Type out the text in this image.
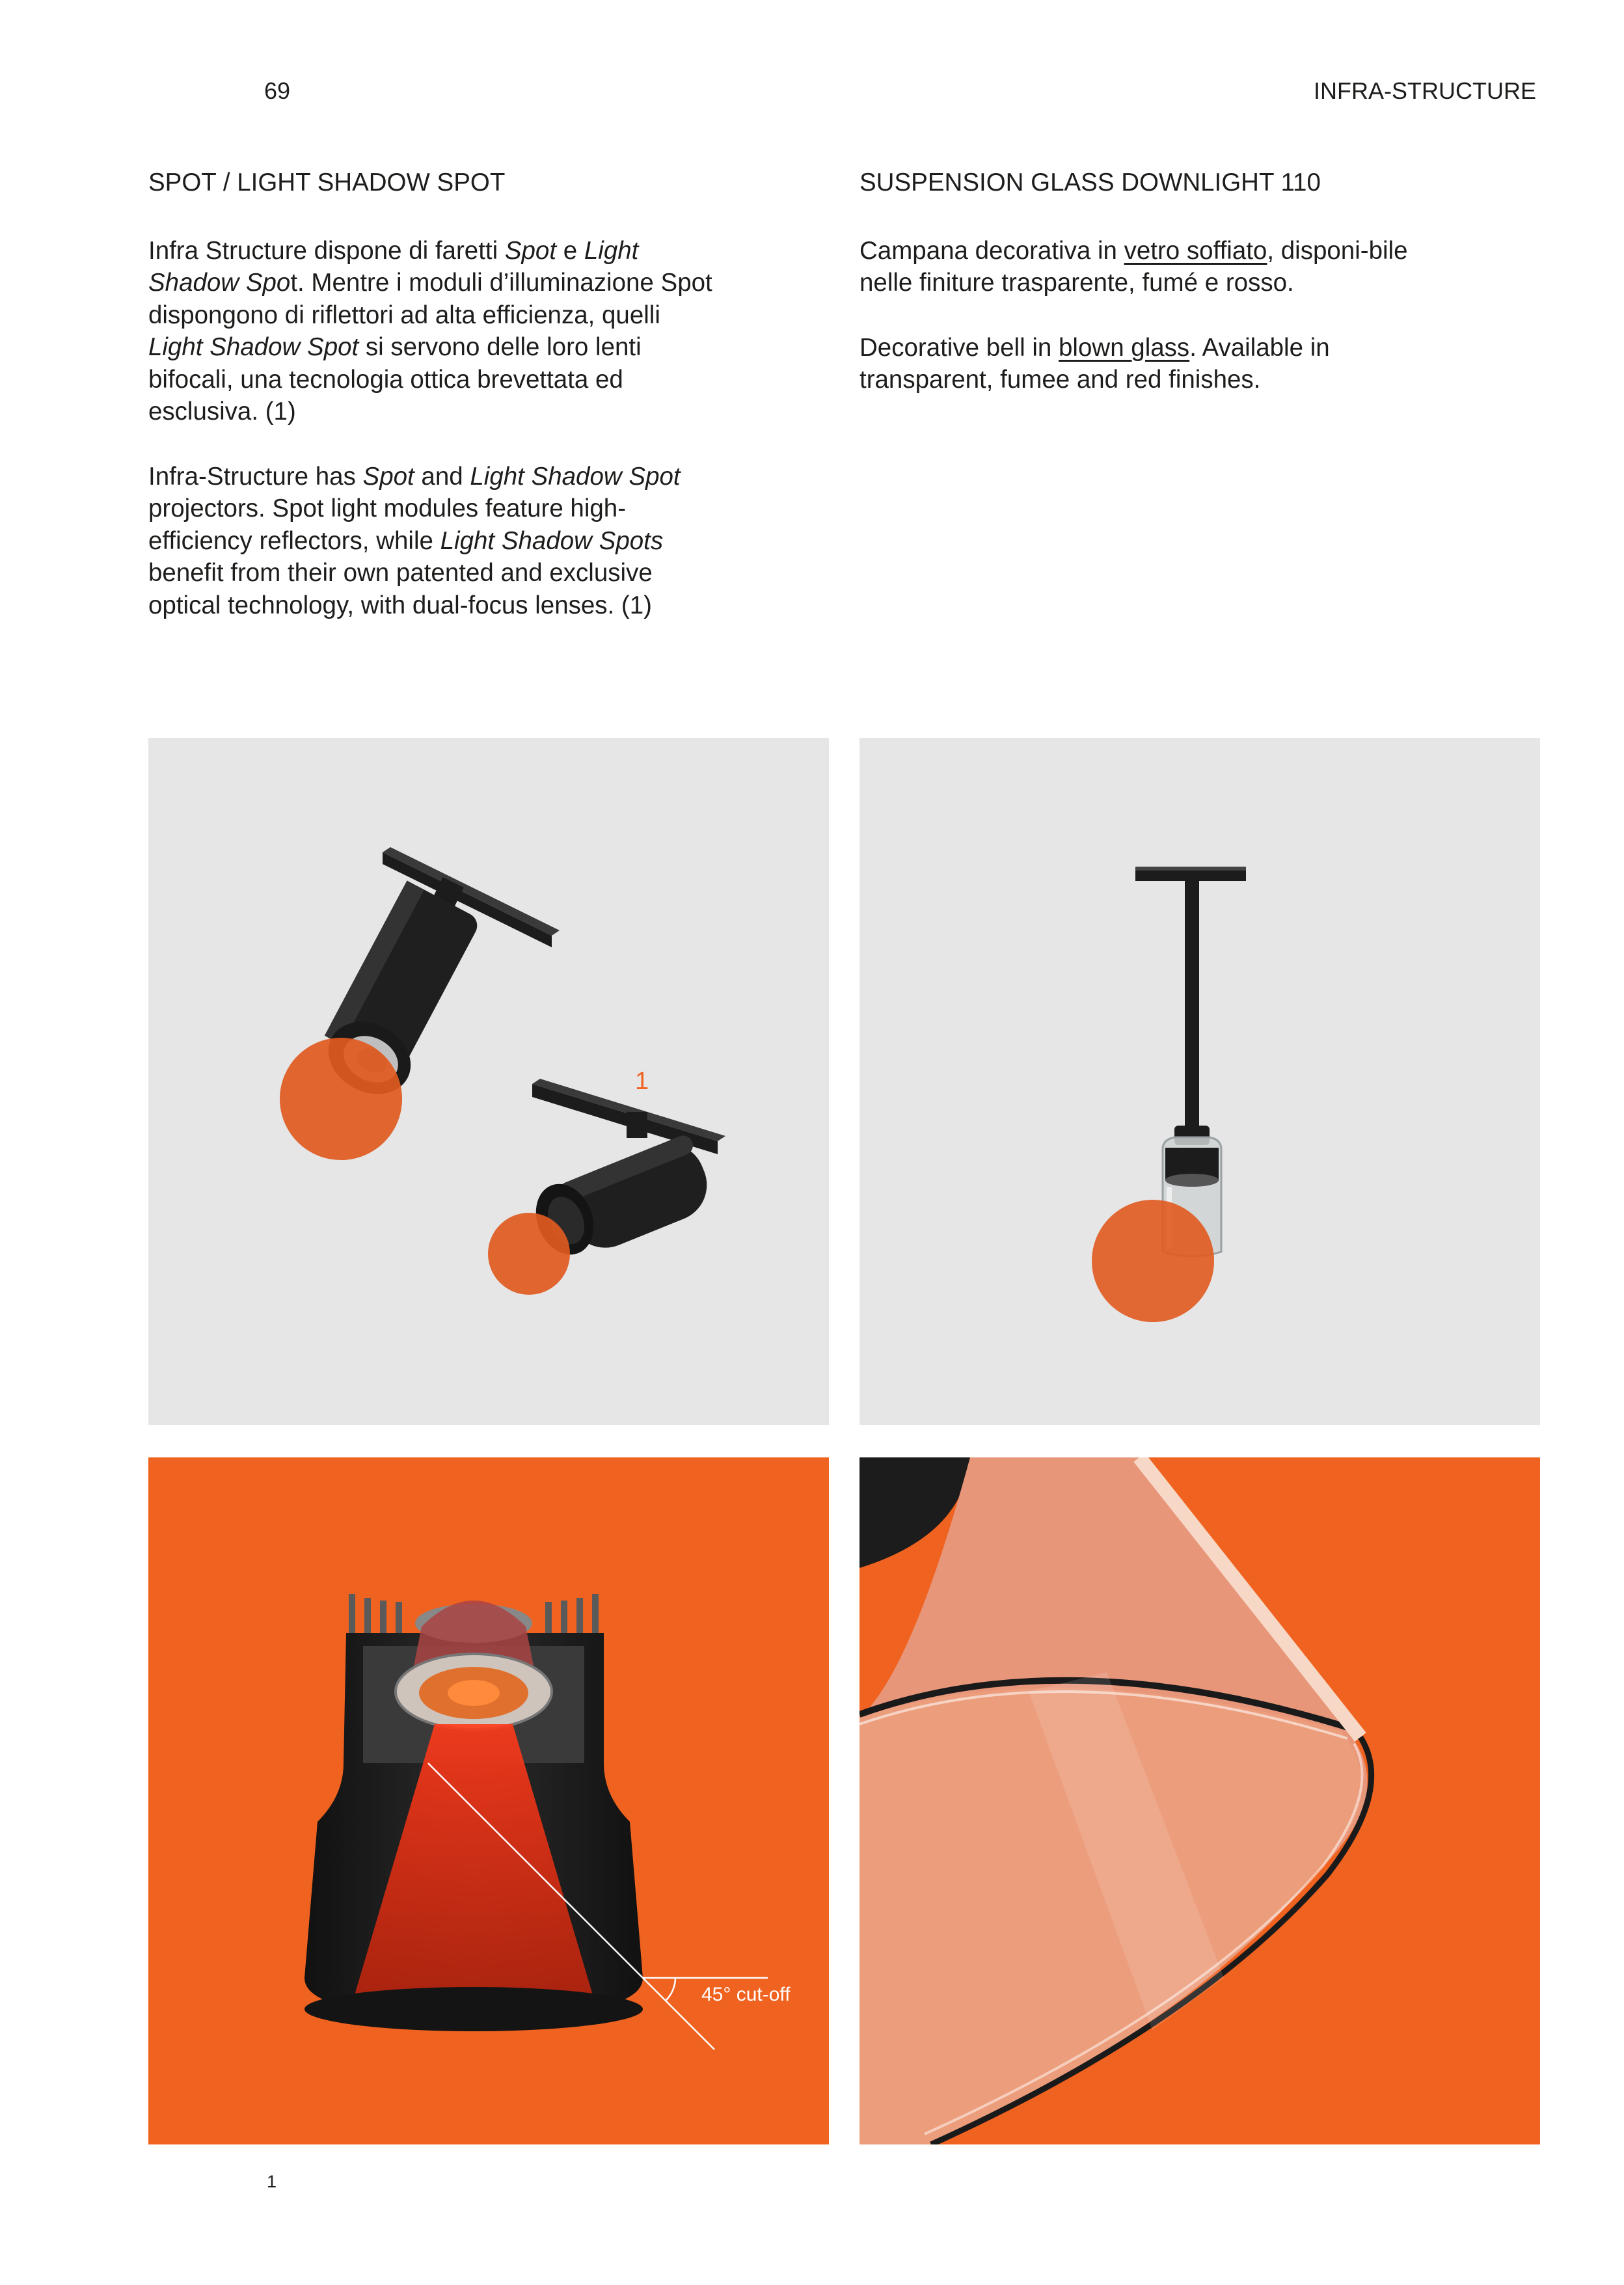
69	INFRA-STRUCTURE
SPOT / LIGHT SHADOW SPOT

Infra Structure dispone di faretti Spot e Light Shadow Spot. Mentre i moduli d’illuminazione Spot dispongono di riflettori ad alta efficienza, quelli Light Shadow Spot si servono delle loro lenti bifocali, una tecnologia ottica brevettata ed esclusiva. (1)

Infra-Structure has Spot and Light Shadow Spot projectors. Spot light modules feature high-efficiency reflectors, while Light Shadow Spots benefit from their own patented and exclusive optical technology, with dual-focus lenses. (1)

SUSPENSION GLASS DOWNLIGHT 110

Campana decorativa in vetro soffiato, disponi-bile nelle finiture trasparente, fumé e rosso.

Decorative bell in blown glass. Available in transparent, fumee and red finishes.

1
45° cut-off
1
